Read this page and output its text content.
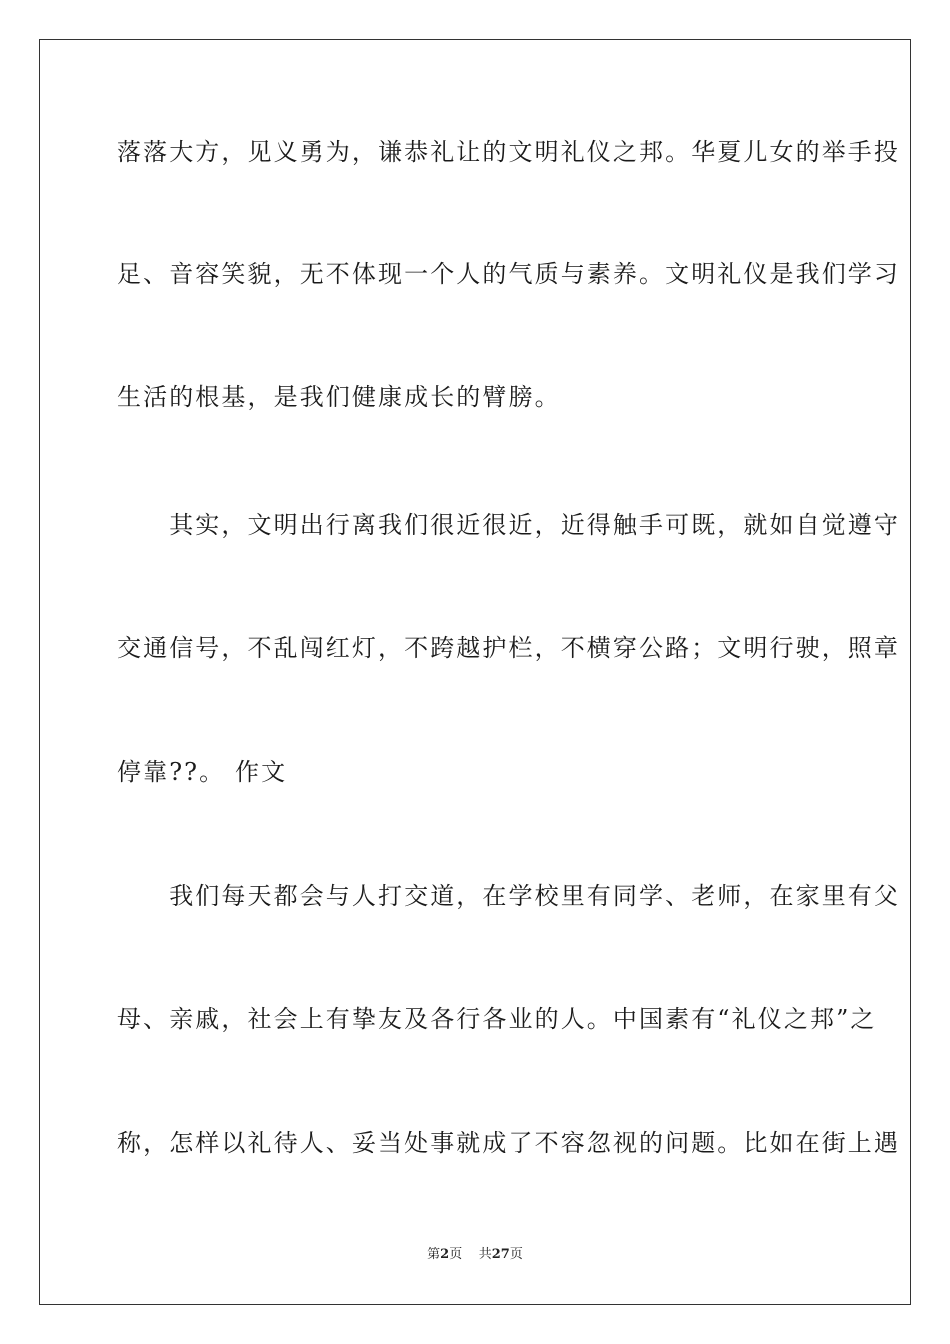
落落大方，见义勇为，谦恭礼让的文明礼仪之邦。华夏儿女的举手投
足、音容笑貌，无不体现一个人的气质与素养。文明礼仪是我们学习
生活的根基，是我们健康成长的臂膀。
　　其实，文明出行离我们很近很近，近得触手可既，就如自觉遵守
交通信号，不乱闯红灯，不跨越护栏，不横穿公路；文明行驶，照章
停靠??。 作文
　　我们每天都会与人打交道，在学校里有同学、老师，在家里有父
母、亲戚，社会上有挚友及各行各业的人。中国素有“礼仪之邦”之
称，怎样以礼待人、妥当处事就成了不容忽视的问题。比如在街上遇
第2页 共27页
